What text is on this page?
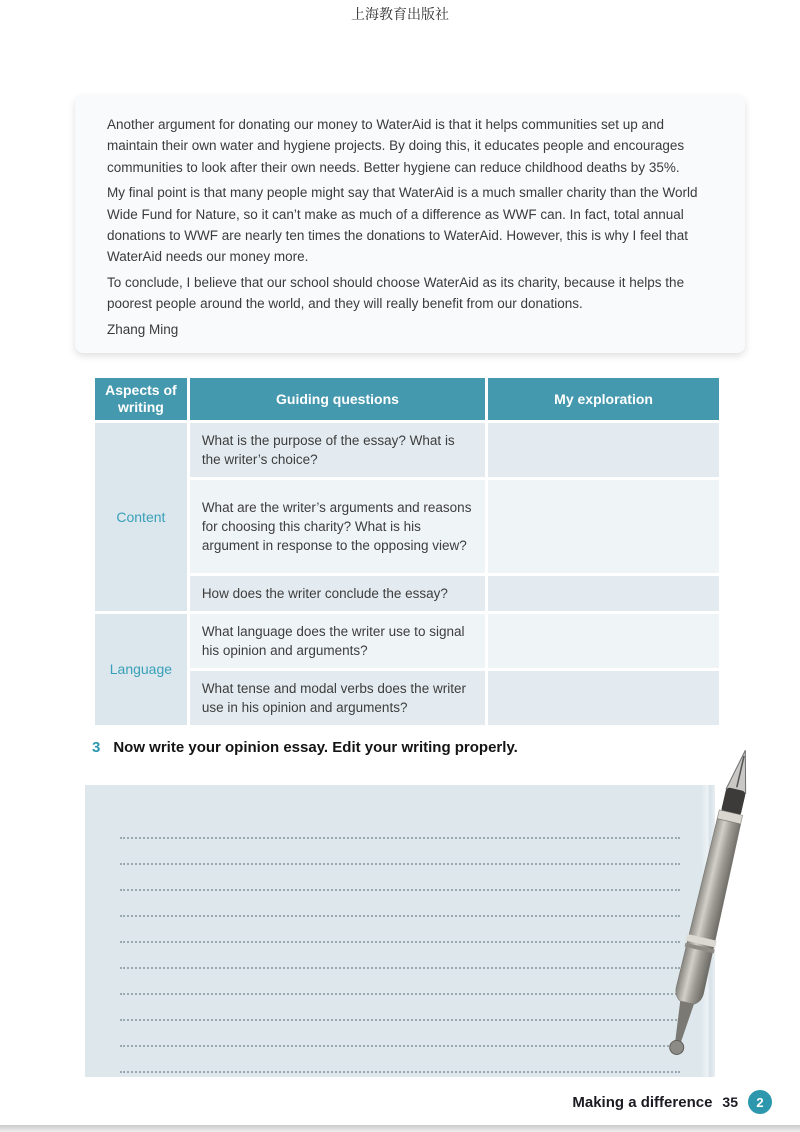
上海教育出版社

Another argument for donating our money to WaterAid is that it helps communities set up and maintain their own water and hygiene projects. By doing this, it educates people and encourages communities to look after their own needs. Better hygiene can reduce childhood deaths by 35%.

My final point is that many people might say that WaterAid is a much smaller charity than the World Wide Fund for Nature, so it can’t make as much of a difference as WWF can. In fact, total annual donations to WWF are nearly ten times the donations to WaterAid. However, this is why I feel that WaterAid needs our money more.

To conclude, I believe that our school should choose WaterAid as its charity, because it helps the poorest people around the world, and they will really benefit from our donations.

Zhang Ming

Aspects of writing	Guiding questions	My exploration
Content	What is the purpose of the essay? What is the writer’s choice?	
	What are the writer’s arguments and reasons for choosing this charity? What is his argument in response to the opposing view?	
	How does the writer conclude the essay?	
Language	What language does the writer use to signal his opinion and arguments?	
	What tense and modal verbs does the writer use in his opinion and arguments?	
3 Now write your opinion essay. Edit your writing properly.
Making a difference 35	2
